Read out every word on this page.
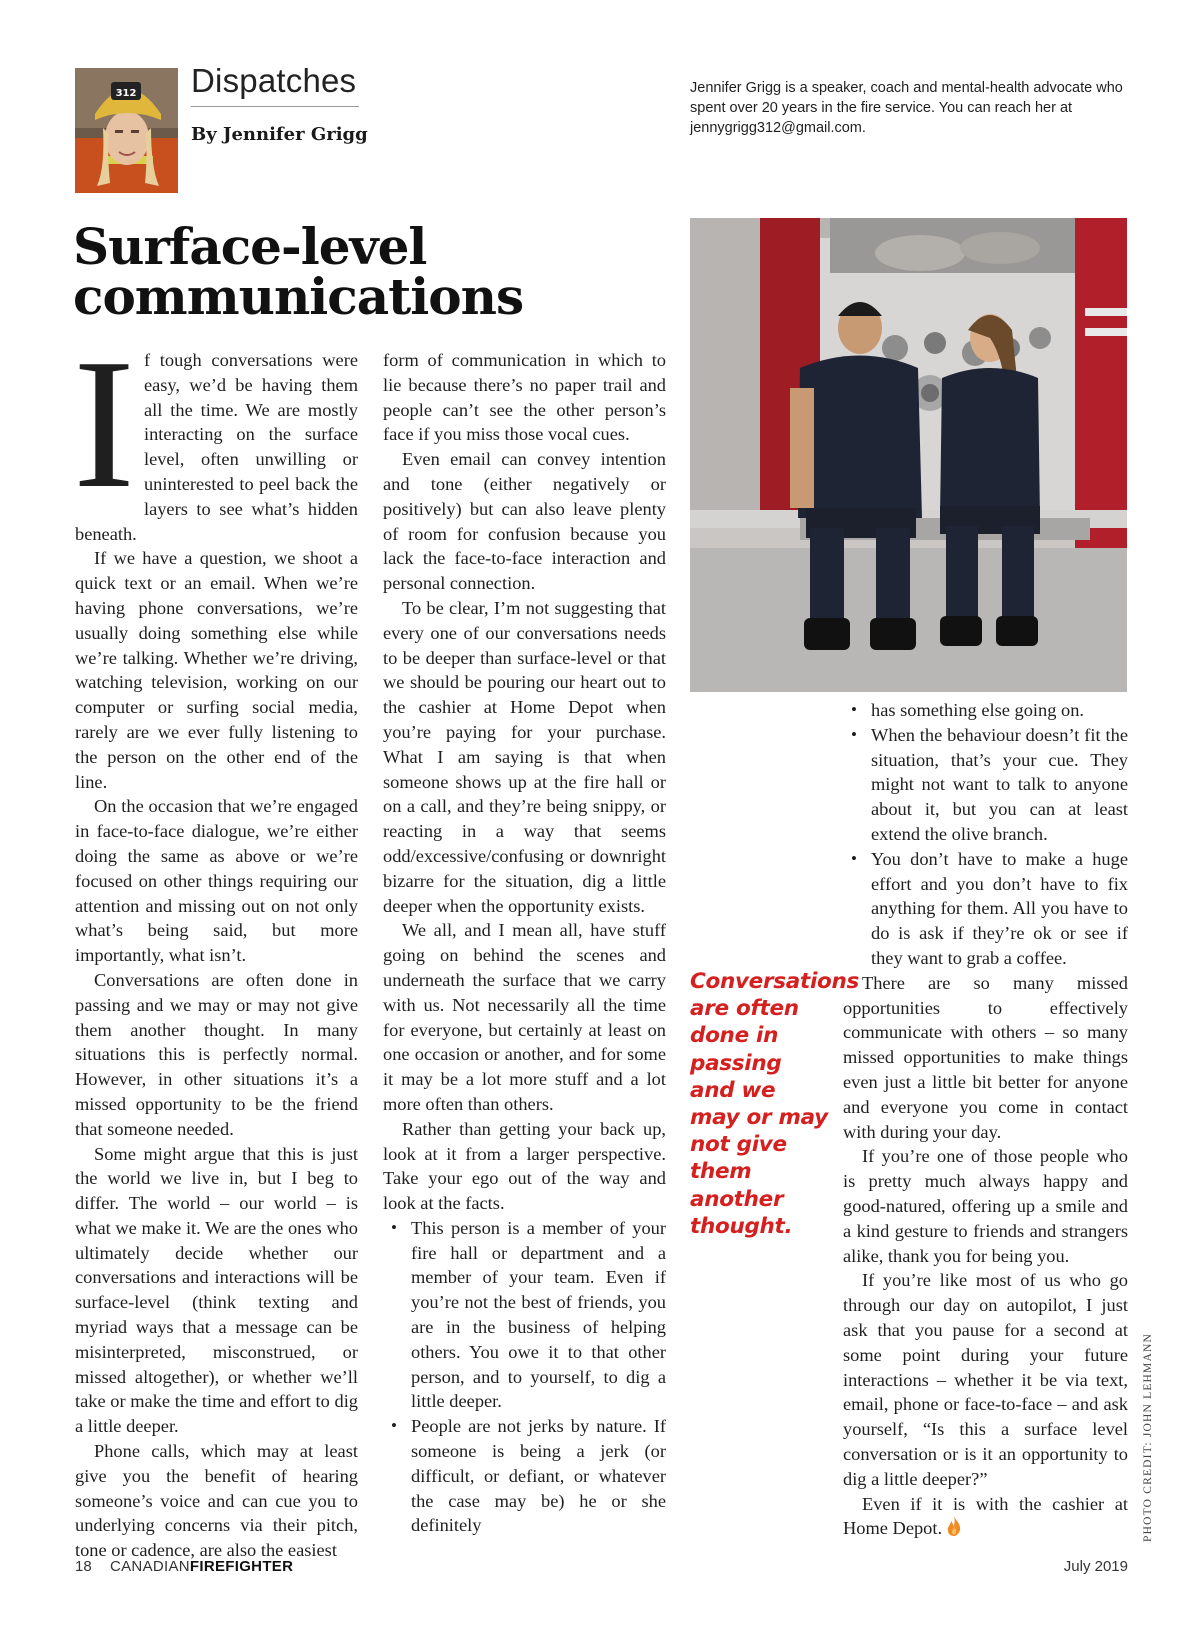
312 Dispatches
By Jennifer Grigg
Jennifer Grigg is a speaker, coach and mental-health advocate who spent over 20 years in the fire service. You can reach her at jennygrigg312@gmail.com.
Surface-level
communications

If tough conversations were easy, we’d be having them all the time. We are mostly interacting on the surface level, often unwilling or uninterested to peel back the layers to see what’s hidden beneath.

If we have a question, we shoot a quick text or an email. When we’re having phone conversations, we’re usually doing something else while we’re talking. Whether we’re driving, watching television, working on our computer or surfing social media, rarely are we ever fully listening to the person on the other end of the line.

On the occasion that we’re engaged in face-to-face dialogue, we’re either doing the same as above or we’re focused on other things requiring our attention and missing out on not only what’s being said, but more importantly, what isn’t.

Conversations are often done in passing and we may or may not give them another thought. In many situations this is perfectly normal. However, in other situations it’s a missed opportunity to be the friend that someone needed.

Some might argue that this is just the world we live in, but I beg to differ. The world – our world – is what we make it. We are the ones who ultimately decide whether our conversations and interactions will be surface-level (think texting and myriad ways that a message can be misinterpreted, misconstrued, or missed altogether), or whether we’ll take or make the time and effort to dig a little deeper.

Phone calls, which may at least give you the benefit of hearing someone’s voice and can cue you to underlying concerns via their pitch, tone or cadence, are also the easiest

form of communication in which to lie because there’s no paper trail and people can’t see the other person’s face if you miss those vocal cues.

Even email can convey intention and tone (either negatively or positively) but can also leave plenty of room for confusion because you lack the face-to-face interaction and personal connection.

To be clear, I’m not suggesting that every one of our conversations needs to be deeper than surface-level or that we should be pouring our heart out to the cashier at Home Depot when you’re paying for your purchase. What I am saying is that when someone shows up at the fire hall or on a call, and they’re being snippy, or reacting in a way that seems odd/excessive/confusing or downright bizarre for the situation, dig a little deeper when the opportunity exists.

We all, and I mean all, have stuff going on behind the scenes and underneath the surface that we carry with us. Not necessarily all the time for everyone, but certainly at least on one occasion or another, and for some it may be a lot more stuff and a lot more often than others.

Rather than getting your back up, look at it from a larger perspective. Take your ego out of the way and look at the facts.

• This person is a member of your fire hall or department and a member of your team. Even if you’re not the best of friends, you are in the business of helping others. You owe it to that other person, and to yourself, to dig a little deeper.
• People are not jerks by nature. If someone is being a jerk (or difficult, or defiant, or whatever the case may be) he or she definitely
Conversations are often done in passing and we may or may not give them another thought.
• has something else going on.
• When the behaviour doesn’t fit the situation, that’s your cue. They might not want to talk to anyone about it, but you can at least extend the olive branch.
• You don’t have to make a huge effort and you don’t have to fix anything for them. All you have to do is ask if they’re ok or see if they want to grab a coffee.

There are so many missed opportunities to effectively communicate with others – so many missed opportunities to make things even just a little bit better for anyone and everyone you come in contact with during your day.

If you’re one of those people who is pretty much always happy and good-natured, offering up a smile and a kind gesture to friends and strangers alike, thank you for being you.

If you’re like most of us who go through our day on autopilot, I just ask that you pause for a second at some point during your future interactions – whether it be via text, email, phone or face-to-face – and ask yourself, “Is this a surface level conversation or is it an opportunity to dig a little deeper?”

Even if it is with the cashier at Home Depot.	PHOTO CREDIT: JOHN LEHMANN
18 CANADIANFIREFIGHTER	July 2019
